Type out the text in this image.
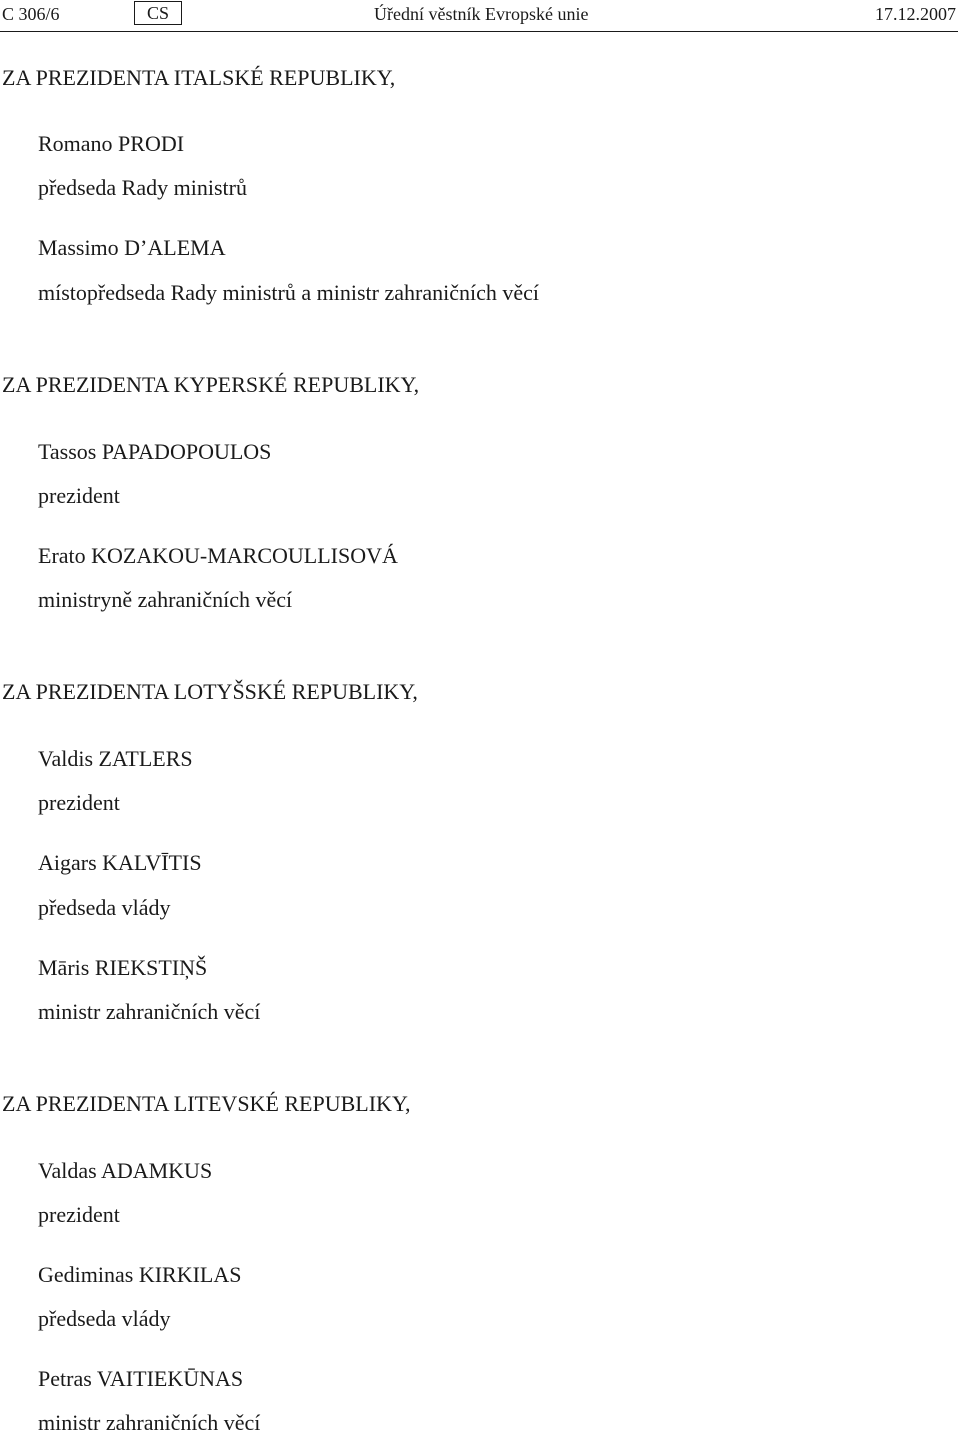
C 306/6	CS	Úřední věstník Evropské unie	17.12.2007
ZA PREZIDENTA ITALSKÉ REPUBLIKY,
Romano PRODI
předseda Rady ministrů
Massimo D’ALEMA
místopředseda Rady ministrů a ministr zahraničních věcí
ZA PREZIDENTA KYPERSKÉ REPUBLIKY,
Tassos PAPADOPOULOS
prezident
Erato KOZAKOU-MARCOULLISOVÁ
ministryně zahraničních věcí
ZA PREZIDENTA LOTYŠSKÉ REPUBLIKY,
Valdis ZATLERS
prezident
Aigars KALVĪTIS
předseda vlády
Māris RIEKSTIŅŠ
ministr zahraničních věcí
ZA PREZIDENTA LITEVSKÉ REPUBLIKY,
Valdas ADAMKUS
prezident
Gediminas KIRKILAS
předseda vlády
Petras VAITIEKŪNAS
ministr zahraničních věcí
